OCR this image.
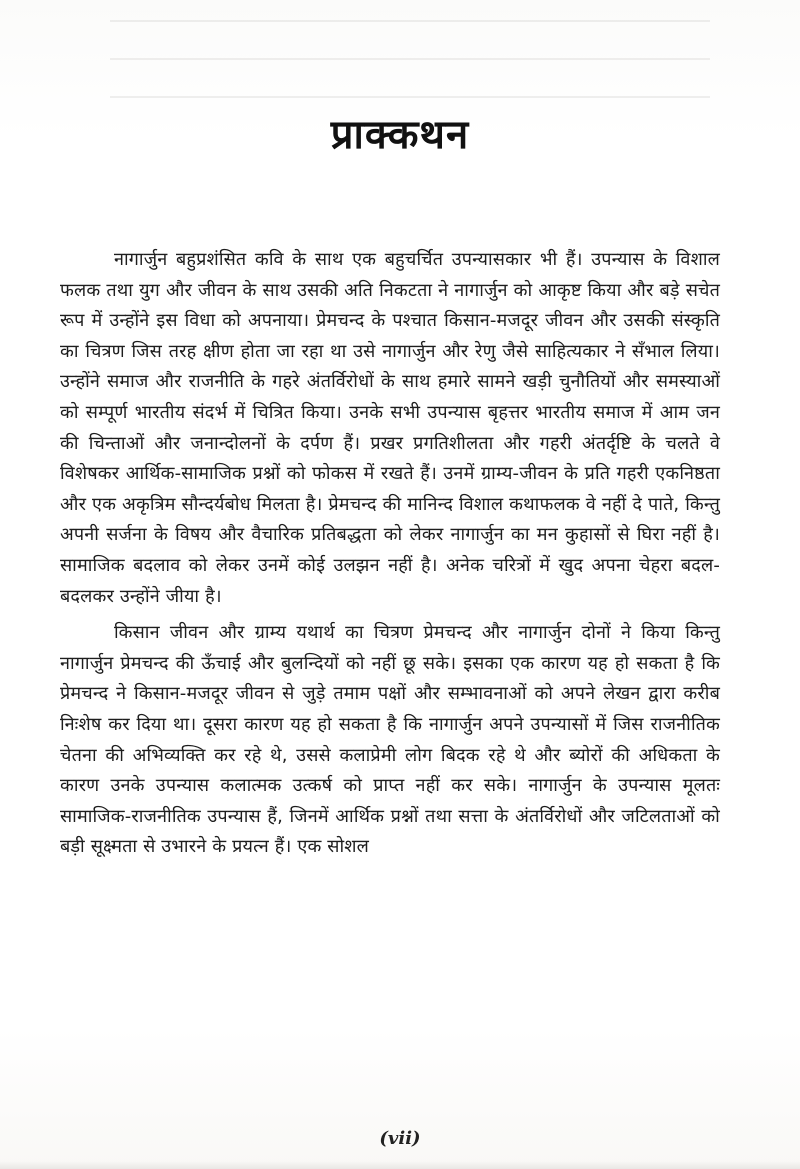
प्राक्कथन

नागार्जुन बहुप्रशंसित कवि के साथ एक बहुचर्चित उपन्यासकार भी हैं। उपन्यास के विशाल फलक तथा युग और जीवन के साथ उसकी अति निकटता ने नागार्जुन को आकृष्ट किया और बड़े सचेत रूप में उन्होंने इस विधा को अपनाया। प्रेमचन्द के पश्चात किसान-मजदूर जीवन और उसकी संस्कृति का चित्रण जिस तरह क्षीण होता जा रहा था उसे नागार्जुन और रेणु जैसे साहित्यकार ने सँभाल लिया। उन्होंने समाज और राजनीति के गहरे अंतर्विरोधों के साथ हमारे सामने खड़ी चुनौतियों और समस्याओं को सम्पूर्ण भारतीय संदर्भ में चित्रित किया। उनके सभी उपन्यास बृहत्तर भारतीय समाज में आम जन की चिन्ताओं और जनान्दोलनों के दर्पण हैं। प्रखर प्रगतिशीलता और गहरी अंतर्दृष्टि के चलते वे विशेषकर आर्थिक-सामाजिक प्रश्नों को फोकस में रखते हैं। उनमें ग्राम्य-जीवन के प्रति गहरी एकनिष्ठता और एक अकृत्रिम सौन्दर्यबोध मिलता है। प्रेमचन्द की मानिन्द विशाल कथाफलक वे नहीं दे पाते, किन्तु अपनी सर्जना के विषय और वैचारिक प्रतिबद्धता को लेकर नागार्जुन का मन कुहासों से घिरा नहीं है। सामाजिक बदलाव को लेकर उनमें कोई उलझन नहीं है। अनेक चरित्रों में खुद अपना चेहरा बदल-बदलकर उन्होंने जीया है।

किसान जीवन और ग्राम्य यथार्थ का चित्रण प्रेमचन्द और नागार्जुन दोनों ने किया किन्तु नागार्जुन प्रेमचन्द की ऊँचाई और बुलन्दियों को नहीं छू सके। इसका एक कारण यह हो सकता है कि प्रेमचन्द ने किसान-मजदूर जीवन से जुड़े तमाम पक्षों और सम्भावनाओं को अपने लेखन द्वारा करीब निःशेष कर दिया था। दूसरा कारण यह हो सकता है कि नागार्जुन अपने उपन्यासों में जिस राजनीतिक चेतना की अभिव्यक्ति कर रहे थे, उससे कलाप्रेमी लोग बिदक रहे थे और ब्योरों की अधिकता के कारण उनके उपन्यास कलात्मक उत्कर्ष को प्राप्त नहीं कर सके। नागार्जुन के उपन्यास मूलतः सामाजिक-राजनीतिक उपन्यास हैं, जिनमें आर्थिक प्रश्नों तथा सत्ता के अंतर्विरोधों और जटिलताओं को बड़ी सूक्ष्मता से उभारने के प्रयत्न हैं। एक सोशल

(vii)
